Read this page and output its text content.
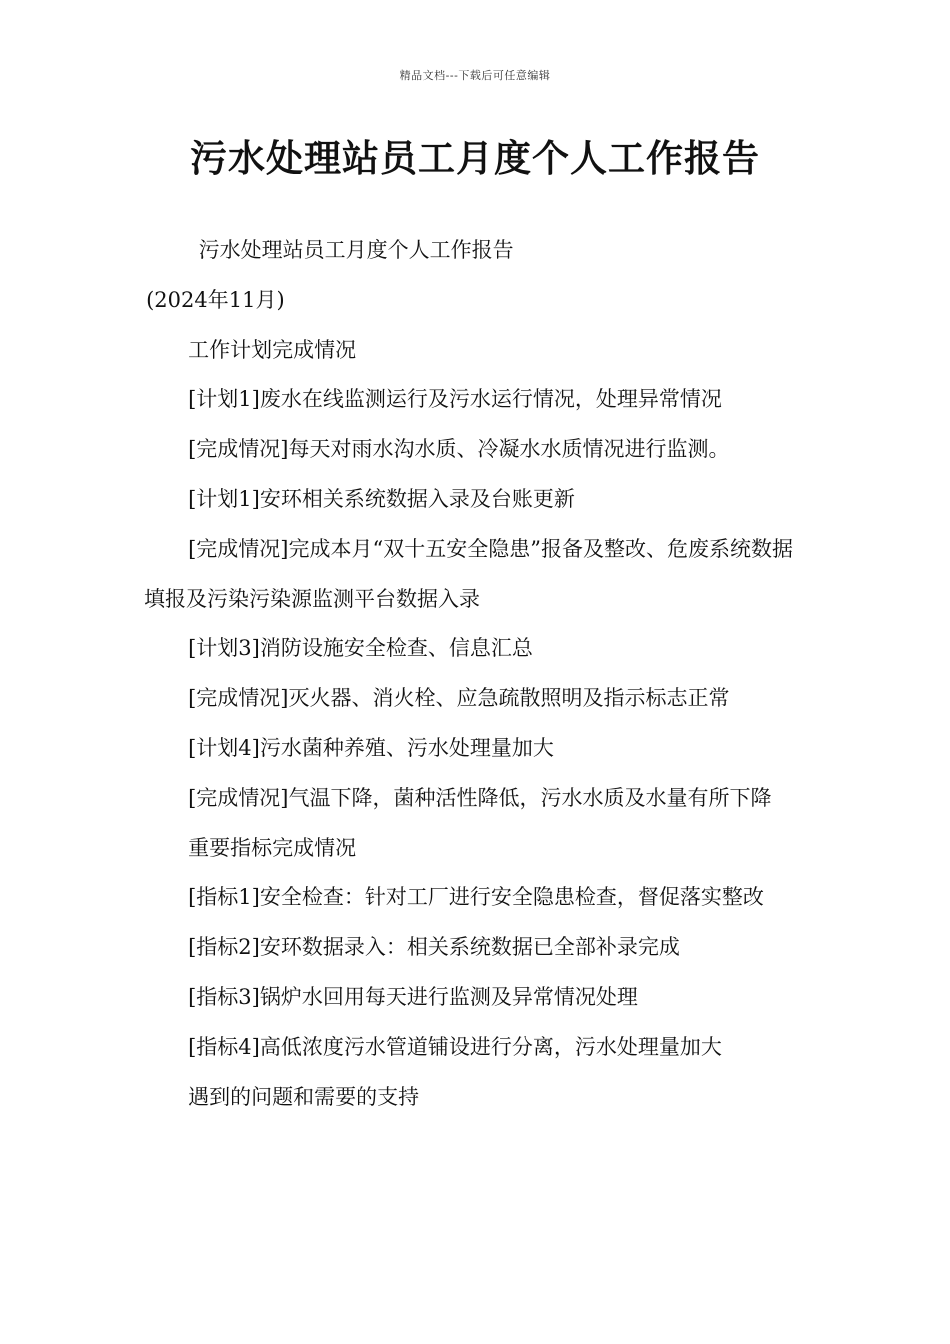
精品文档---下载后可任意编辑
污水处理站员工月度个人工作报告

污水处理站员工月度个人工作报告

(2024年11月)

工作计划完成情况

[计划1]废水在线监测运行及污水运行情况，处理异常情况

[完成情况]每天对雨水沟水质、冷凝水水质情况进行监测。

[计划1]安环相关系统数据入录及台账更新

[完成情况]完成本月“双十五安全隐患”报备及整改、危废系统数据填报及污染污染源监测平台数据入录

[计划3]消防设施安全检查、信息汇总

[完成情况]灭火器、消火栓、应急疏散照明及指示标志正常

[计划4]污水菌种养殖、污水处理量加大

[完成情况]气温下降，菌种活性降低，污水水质及水量有所下降

重要指标完成情况

[指标1]安全检查：针对工厂进行安全隐患检查，督促落实整改

[指标2]安环数据录入：相关系统数据已全部补录完成

[指标3]锅炉水回用每天进行监测及异常情况处理

[指标4]高低浓度污水管道铺设进行分离，污水处理量加大

遇到的问题和需要的支持
